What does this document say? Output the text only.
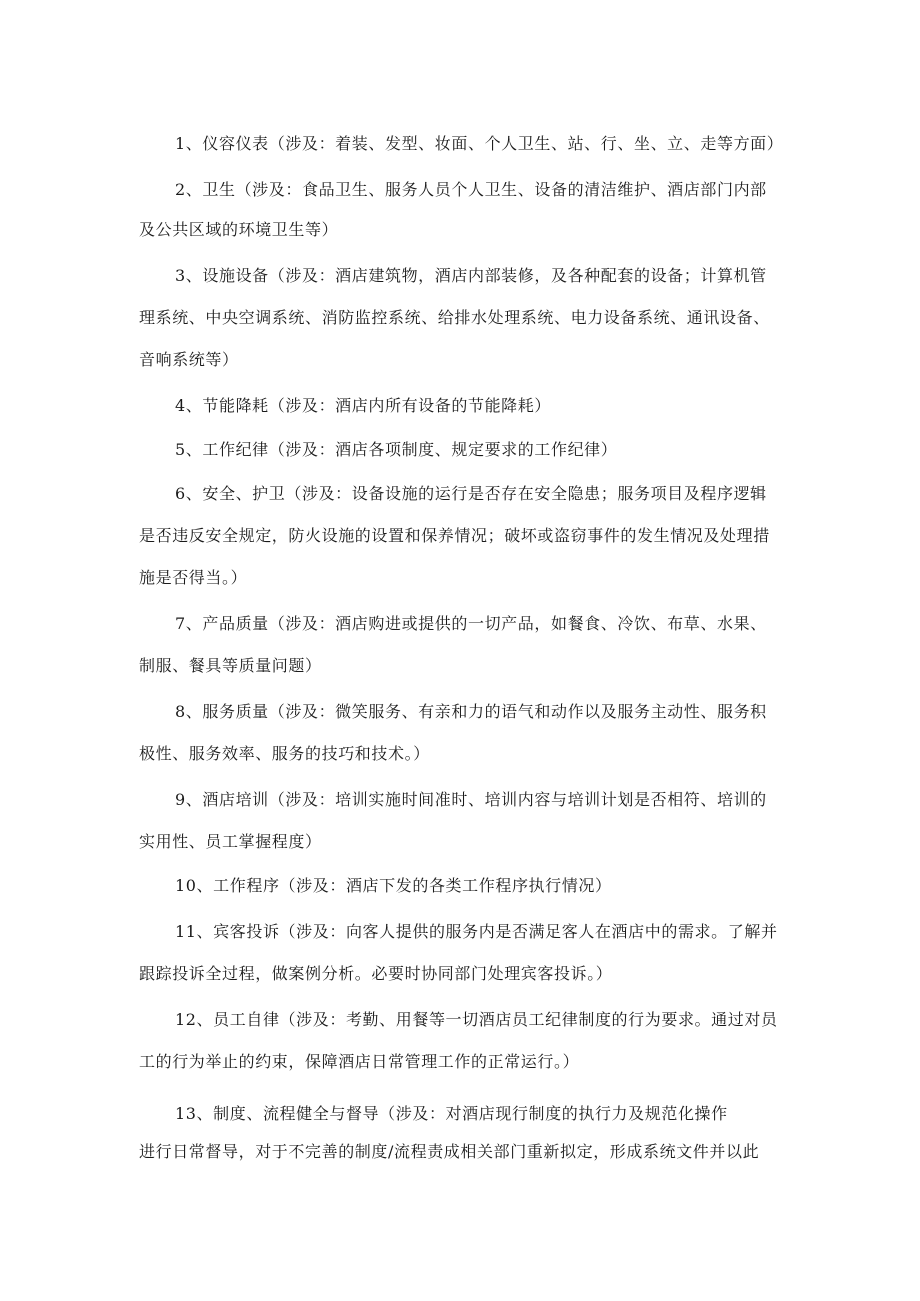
1、仪容仪表（涉及：着装、发型、妆面、个人卫生、站、行、坐、立、走等方面）
2、卫生（涉及：食品卫生、服务人员个人卫生、设备的清洁维护、酒店部门内部
及公共区域的环境卫生等）
3、设施设备（涉及：酒店建筑物，酒店内部装修，及各种配套的设备；计算机管
理系统、中央空调系统、消防监控系统、给排水处理系统、电力设备系统、通讯设备、
音响系统等）
4、节能降耗（涉及：酒店内所有设备的节能降耗）
5、工作纪律（涉及：酒店各项制度、规定要求的工作纪律）
6、安全、护卫（涉及：设备设施的运行是否存在安全隐患；服务项目及程序逻辑
是否违反安全规定，防火设施的设置和保养情况；破坏或盗窃事件的发生情况及处理措
施是否得当。）
7、产品质量（涉及：酒店购进或提供的一切产品，如餐食、冷饮、布草、水果、
制服、餐具等质量问题）
8、服务质量（涉及：微笑服务、有亲和力的语气和动作以及服务主动性、服务积
极性、服务效率、服务的技巧和技术。）
9、酒店培训（涉及：培训实施时间准时、培训内容与培训计划是否相符、培训的
实用性、员工掌握程度）
10、工作程序（涉及：酒店下发的各类工作程序执行情况）
11、宾客投诉（涉及：向客人提供的服务内是否满足客人在酒店中的需求。了解并
跟踪投诉全过程，做案例分析。必要时协同部门处理宾客投诉。）
12、员工自律（涉及：考勤、用餐等一切酒店员工纪律制度的行为要求。通过对员
工的行为举止的约束，保障酒店日常管理工作的正常运行。）
13、制度、流程健全与督导（涉及：对酒店现行制度的执行力及规范化操作
进行日常督导，对于不完善的制度/流程责成相关部门重新拟定，形成系统文件并以此
